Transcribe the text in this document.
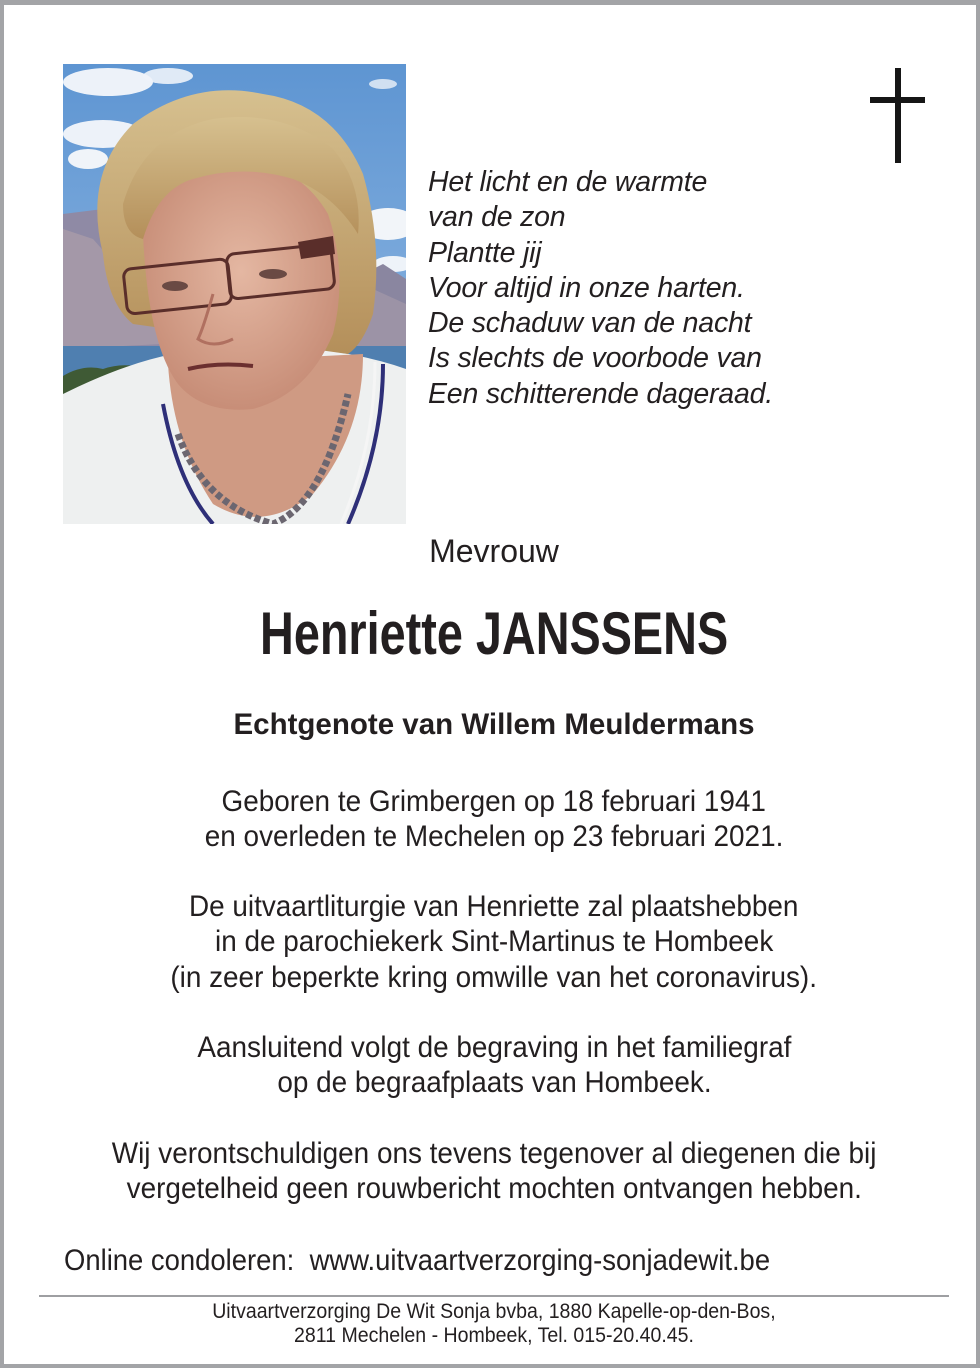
Het licht en de warmte
van de zon
Plantte jij
Voor altijd in onze harten.
De schaduw van de nacht
Is slechts de voorbode van
Een schitterende dageraad.
Mevrouw
Henriette JANSSENS
Echtgenote van Willem Meuldermans
Geboren te Grimbergen op 18 februari 1941
en overleden te Mechelen op 23 februari 2021.
De uitvaartliturgie van Henriette zal plaatshebben
in de parochiekerk Sint-Martinus te Hombeek
(in zeer beperkte kring omwille van het coronavirus).
Aansluitend volgt de begraving in het familiegraf
op de begraafplaats van Hombeek.
Wij verontschuldigen ons tevens tegenover al diegenen die bij
vergetelheid geen rouwbericht mochten ontvangen hebben.
Online condoleren: www.uitvaartverzorging-sonjadewit.be
Uitvaartverzorging De Wit Sonja bvba, 1880 Kapelle-op-den-Bos,
2811 Mechelen - Hombeek, Tel. 015-20.40.45.
